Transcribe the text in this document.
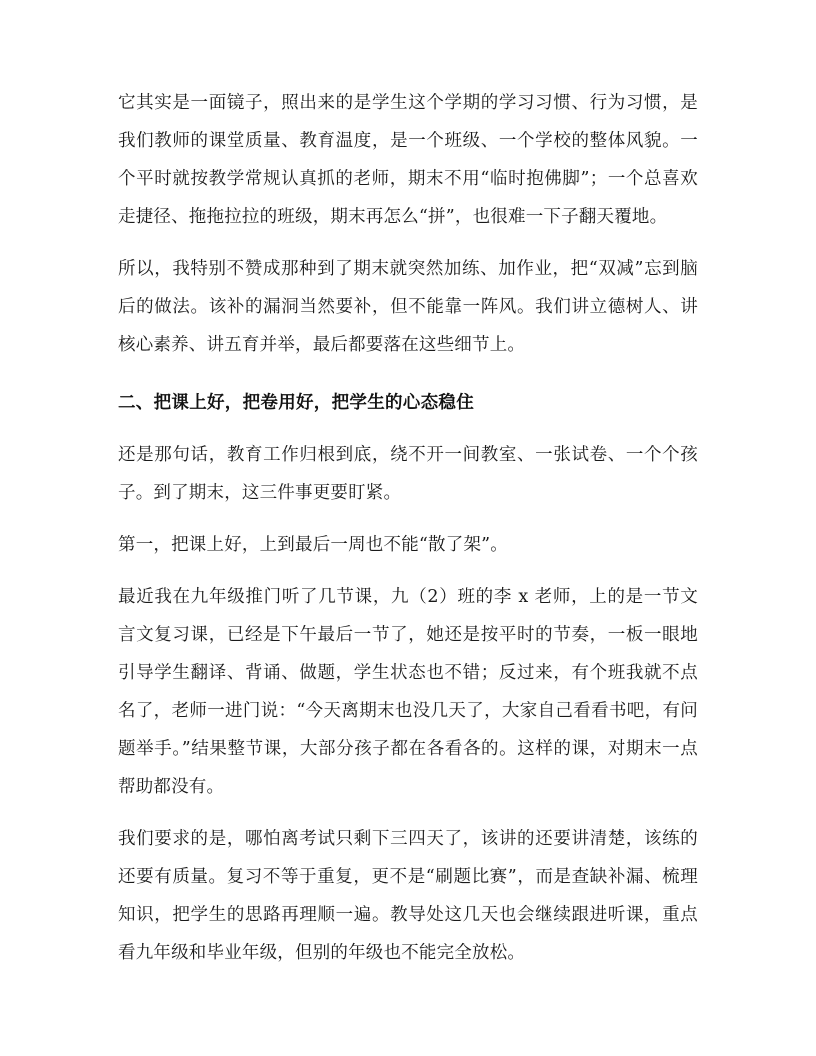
它其实是一面镜子，照出来的是学生这个学期的学习习惯、行为习惯，是我们教师的课堂质量、教育温度，是一个班级、一个学校的整体风貌。一个平时就按教学常规认真抓的老师，期末不用“临时抱佛脚”；一个总喜欢走捷径、拖拖拉拉的班级，期末再怎么“拼”，也很难一下子翻天覆地。

所以，我特别不赞成那种到了期末就突然加练、加作业，把“双减”忘到脑后的做法。该补的漏洞当然要补，但不能靠一阵风。我们讲立德树人、讲核心素养、讲五育并举，最后都要落在这些细节上。

二、把课上好，把卷用好，把学生的心态稳住

还是那句话，教育工作归根到底，绕不开一间教室、一张试卷、一个个孩子。到了期末，这三件事更要盯紧。

第一，把课上好，上到最后一周也不能“散了架”。

最近我在九年级推门听了几节课，九（2）班的李 x 老师，上的是一节文言文复习课，已经是下午最后一节了，她还是按平时的节奏，一板一眼地引导学生翻译、背诵、做题，学生状态也不错；反过来，有个班我就不点名了，老师一进门说：“今天离期末也没几天了，大家自己看看书吧，有问题举手。”结果整节课，大部分孩子都在各看各的。这样的课，对期末一点帮助都没有。

我们要求的是，哪怕离考试只剩下三四天了，该讲的还要讲清楚，该练的还要有质量。复习不等于重复，更不是“刷题比赛”，而是查缺补漏、梳理知识，把学生的思路再理顺一遍。教导处这几天也会继续跟进听课，重点看九年级和毕业年级，但别的年级也不能完全放松。
